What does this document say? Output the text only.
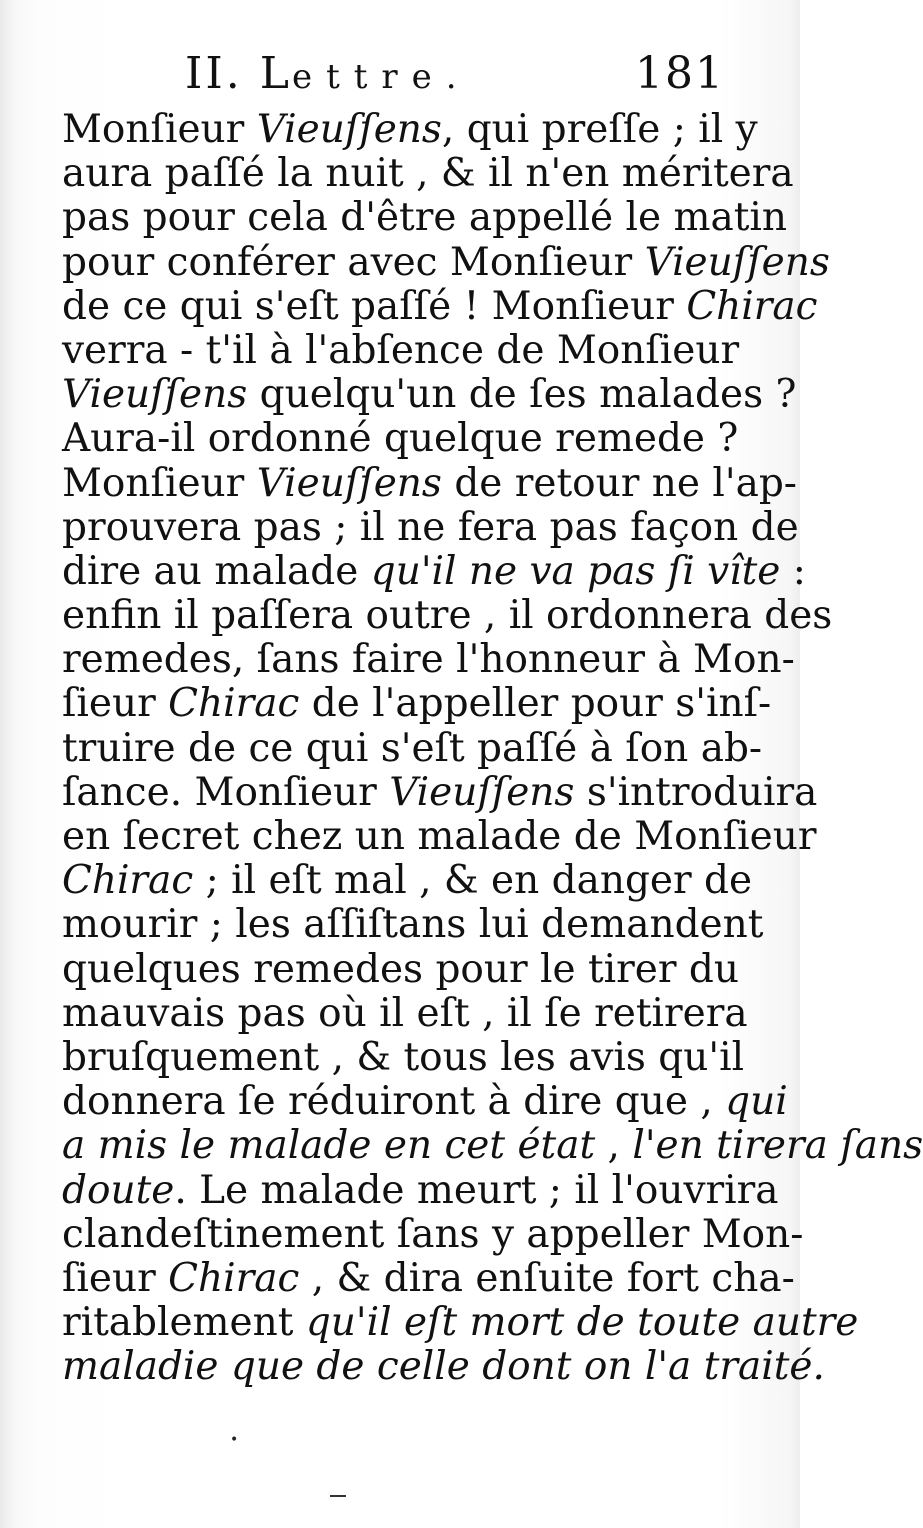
II. Lettre.	181
Monſieur Vieuſſens, qui preſſe ; il y
aura paſſé la nuit , & il n'en méritera
pas pour cela d'être appellé le matin
pour conférer avec Monſieur Vieuſſens
de ce qui s'eſt paſſé ! Monſieur Chirac
verra - t'il à l'abſence de Monſieur
Vieuſſens quelqu'un de ſes malades ?
Aura-il ordonné quelque remede ?
Monſieur Vieuſſens de retour ne l'ap-
prouvera pas ; il ne fera pas façon de
dire au malade qu'il ne va pas ſi vîte :
enfin il paſſera outre , il ordonnera des
remedes, ſans faire l'honneur à Mon-
ſieur Chirac de l'appeller pour s'inſ-
truire de ce qui s'eſt paſſé à ſon ab-
ſance. Monſieur Vieuſſens s'introduira
en ſecret chez un malade de Monſieur
Chirac ; il eſt mal , & en danger de
mourir ; les aſſiſtans lui demandent
quelques remedes pour le tirer du
mauvais pas où il eſt , il ſe retirera
bruſquement , & tous les avis qu'il
donnera ſe réduiront à dire que , qui
a mis le malade en cet état , l'en tirera ſans
doute. Le malade meurt ; il l'ouvrira
clandeſtinement ſans y appeller Mon-
ſieur Chirac , & dira enſuite fort cha-
ritablement qu'il eſt mort de toute autre
maladie que de celle dont on l'a traité.
•
